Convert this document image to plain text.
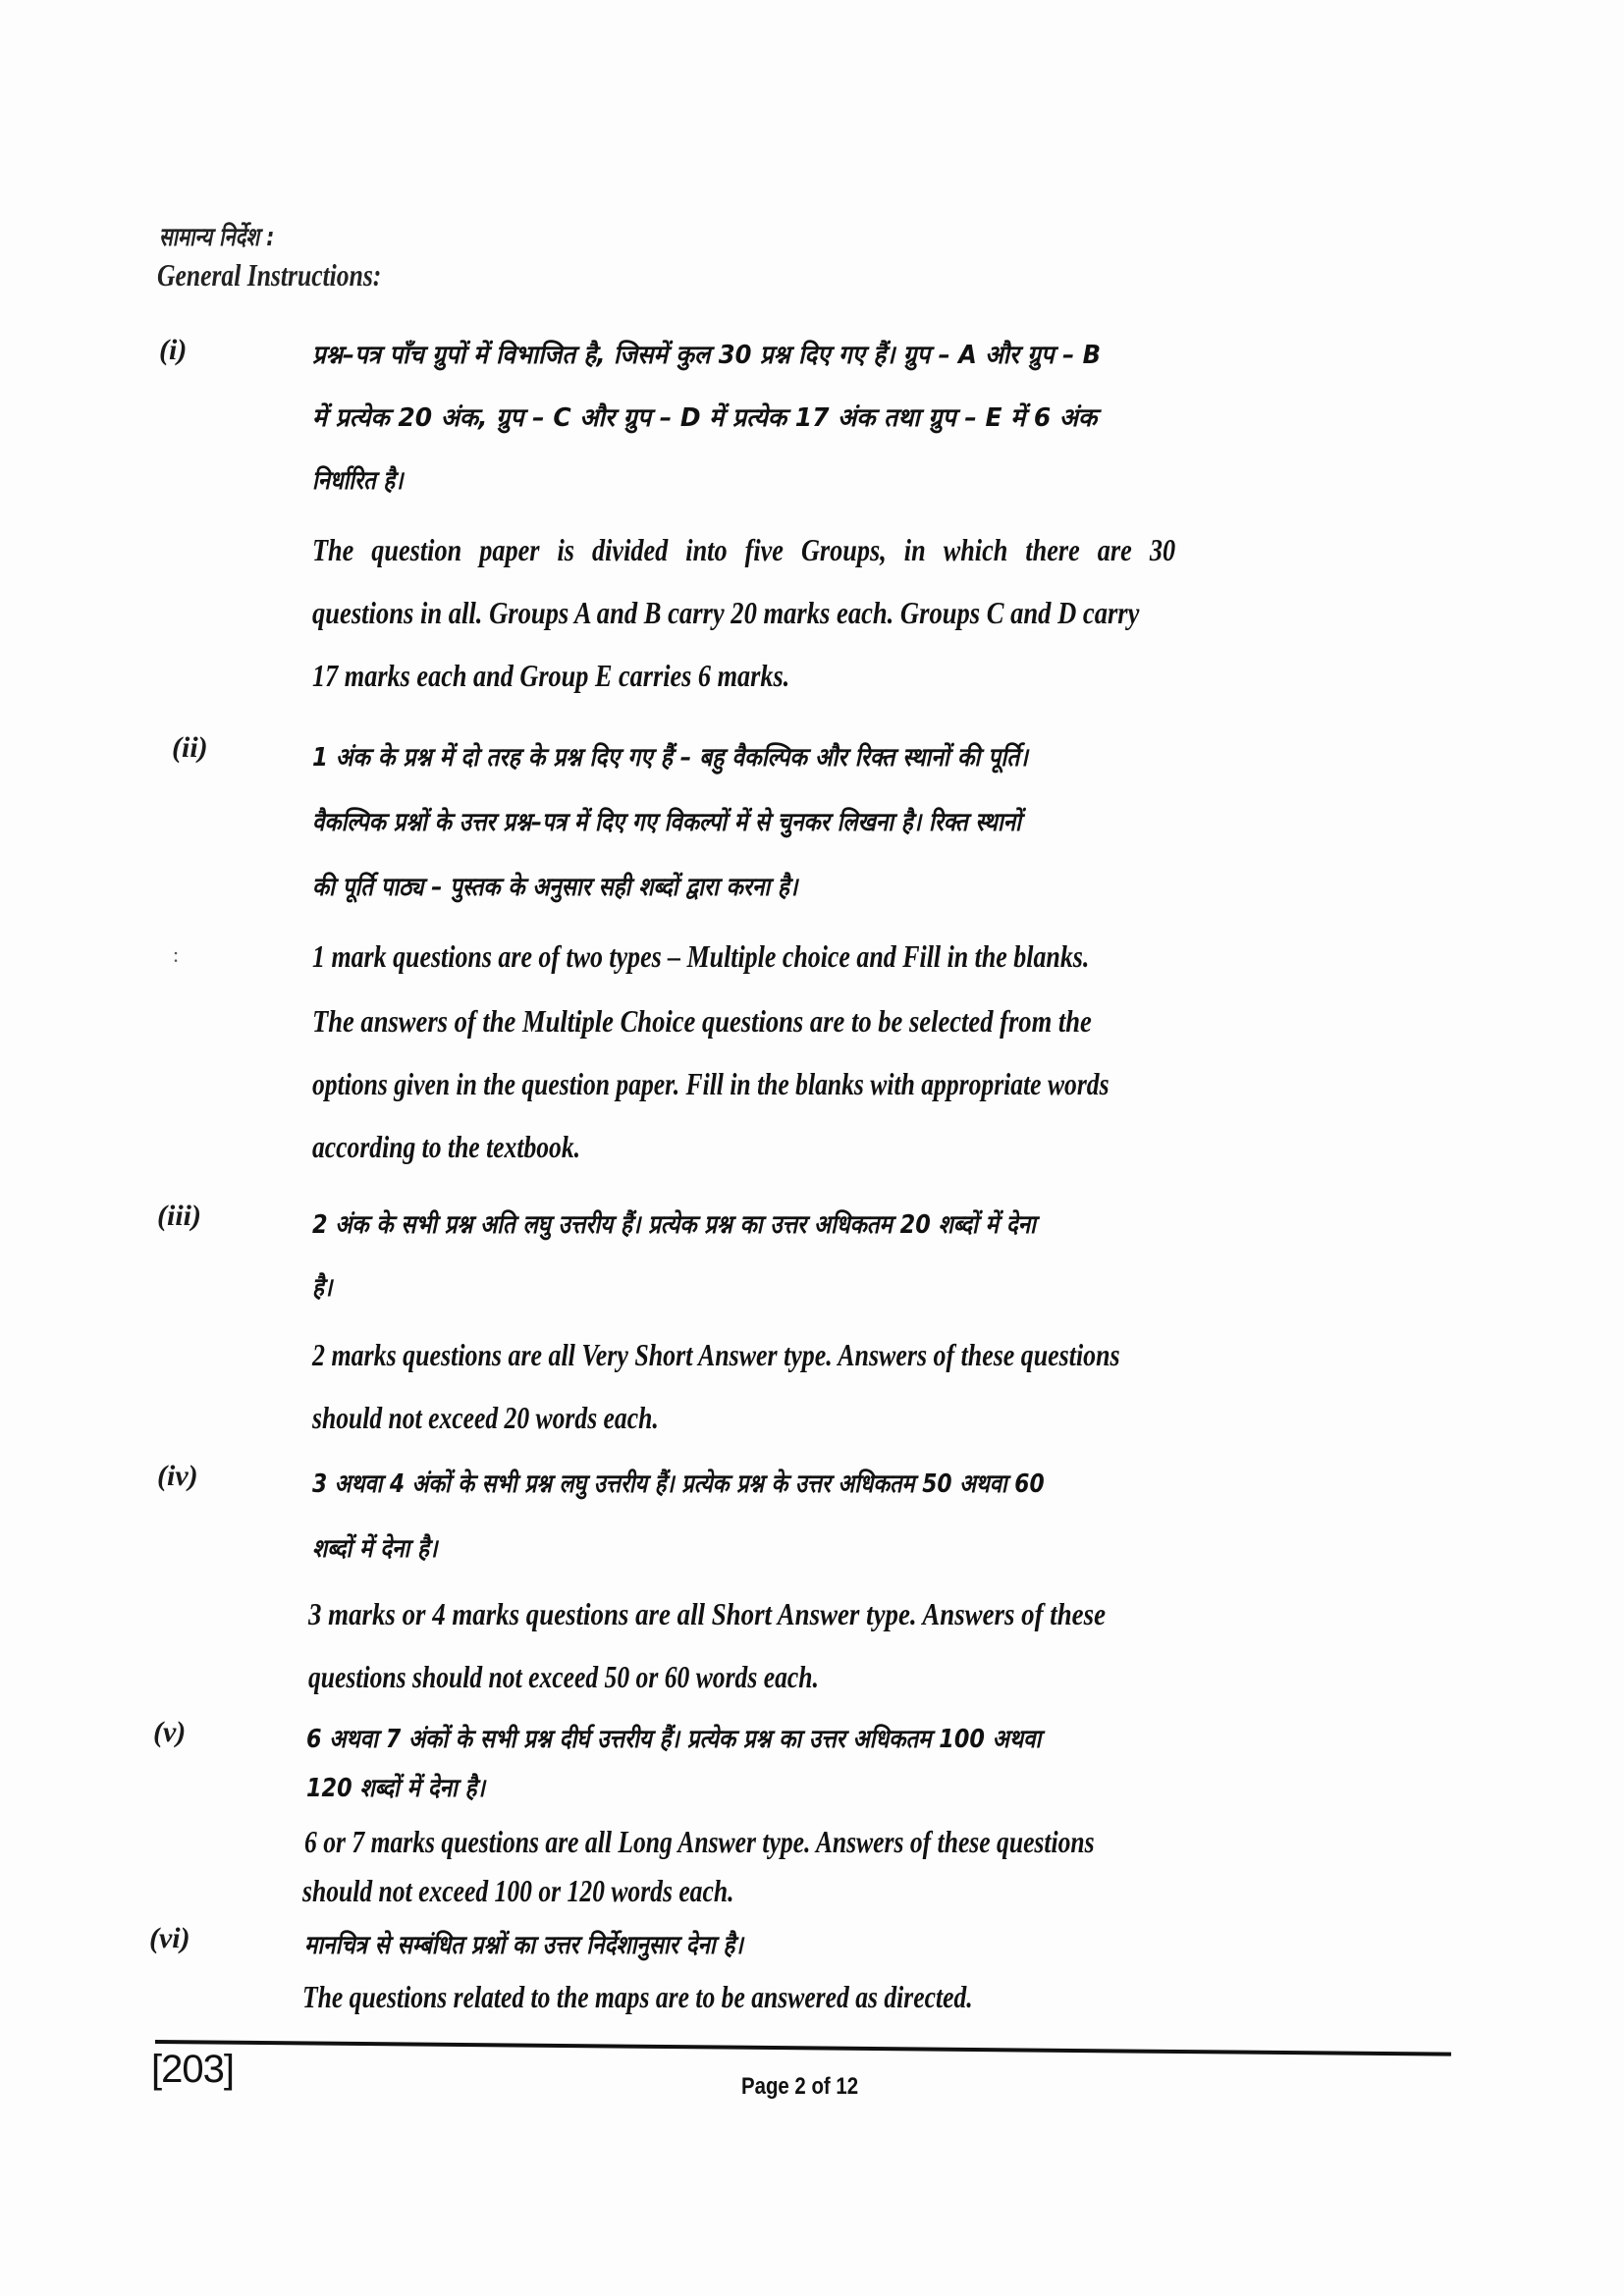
सामान्य निर्देश :
General Instructions:
(i)	प्रश्न–पत्र पाँच ग्रुपों में विभाजित है, जिसमें कुल 30 प्रश्न दिए गए हैं। ग्रुप – A और ग्रुप – B
में प्रत्येक 20 अंक, ग्रुप – C और ग्रुप – D में प्रत्येक 17 अंक तथा ग्रुप – E में 6 अंक
निर्धारित है।
The question paper is divided into five Groups, in which there are 30
questions in all. Groups A and B carry 20 marks each. Groups C and D carry
17 marks each and Group E carries 6 marks.
(ii)	1 अंक के प्रश्न में दो तरह के प्रश्न दिए गए हैं – बहु वैकल्पिक और रिक्त स्थानों की पूर्ति।
वैकल्पिक प्रश्नों के उत्तर प्रश्न–पत्र में दिए गए विकल्पों में से चुनकर लिखना है। रिक्त स्थानों
की पूर्ति पाठ्य – पुस्तक के अनुसार सही शब्दों द्वारा करना है।
:	1 mark questions are of two types – Multiple choice and Fill in the blanks.
The answers of the Multiple Choice questions are to be selected from the
options given in the question paper. Fill in the blanks with appropriate words
according to the textbook.
(iii)	2 अंक के सभी प्रश्न अति लघु उत्तरीय हैं। प्रत्येक प्रश्न का उत्तर अधिकतम 20 शब्दों में देना
है।
2 marks questions are all Very Short Answer type. Answers of these questions
should not exceed 20 words each.
(iv)	3 अथवा 4 अंकों के सभी प्रश्न लघु उत्तरीय हैं। प्रत्येक प्रश्न के उत्तर अधिकतम 50 अथवा 60
शब्दों में देना है।
3 marks or 4 marks questions are all Short Answer type. Answers of these
questions should not exceed 50 or 60 words each.
(v)	6 अथवा 7 अंकों के सभी प्रश्न दीर्घ उत्तरीय हैं। प्रत्येक प्रश्न का उत्तर अधिकतम 100 अथवा
120 शब्दों में देना है।
6 or 7 marks questions are all Long Answer type. Answers of these questions
should not exceed 100 or 120 words each.
(vi)	मानचित्र से सम्बंधित प्रश्नों का उत्तर निर्देशानुसार देना है।
The questions related to the maps are to be answered as directed.
[203]	Page 2 of 12
